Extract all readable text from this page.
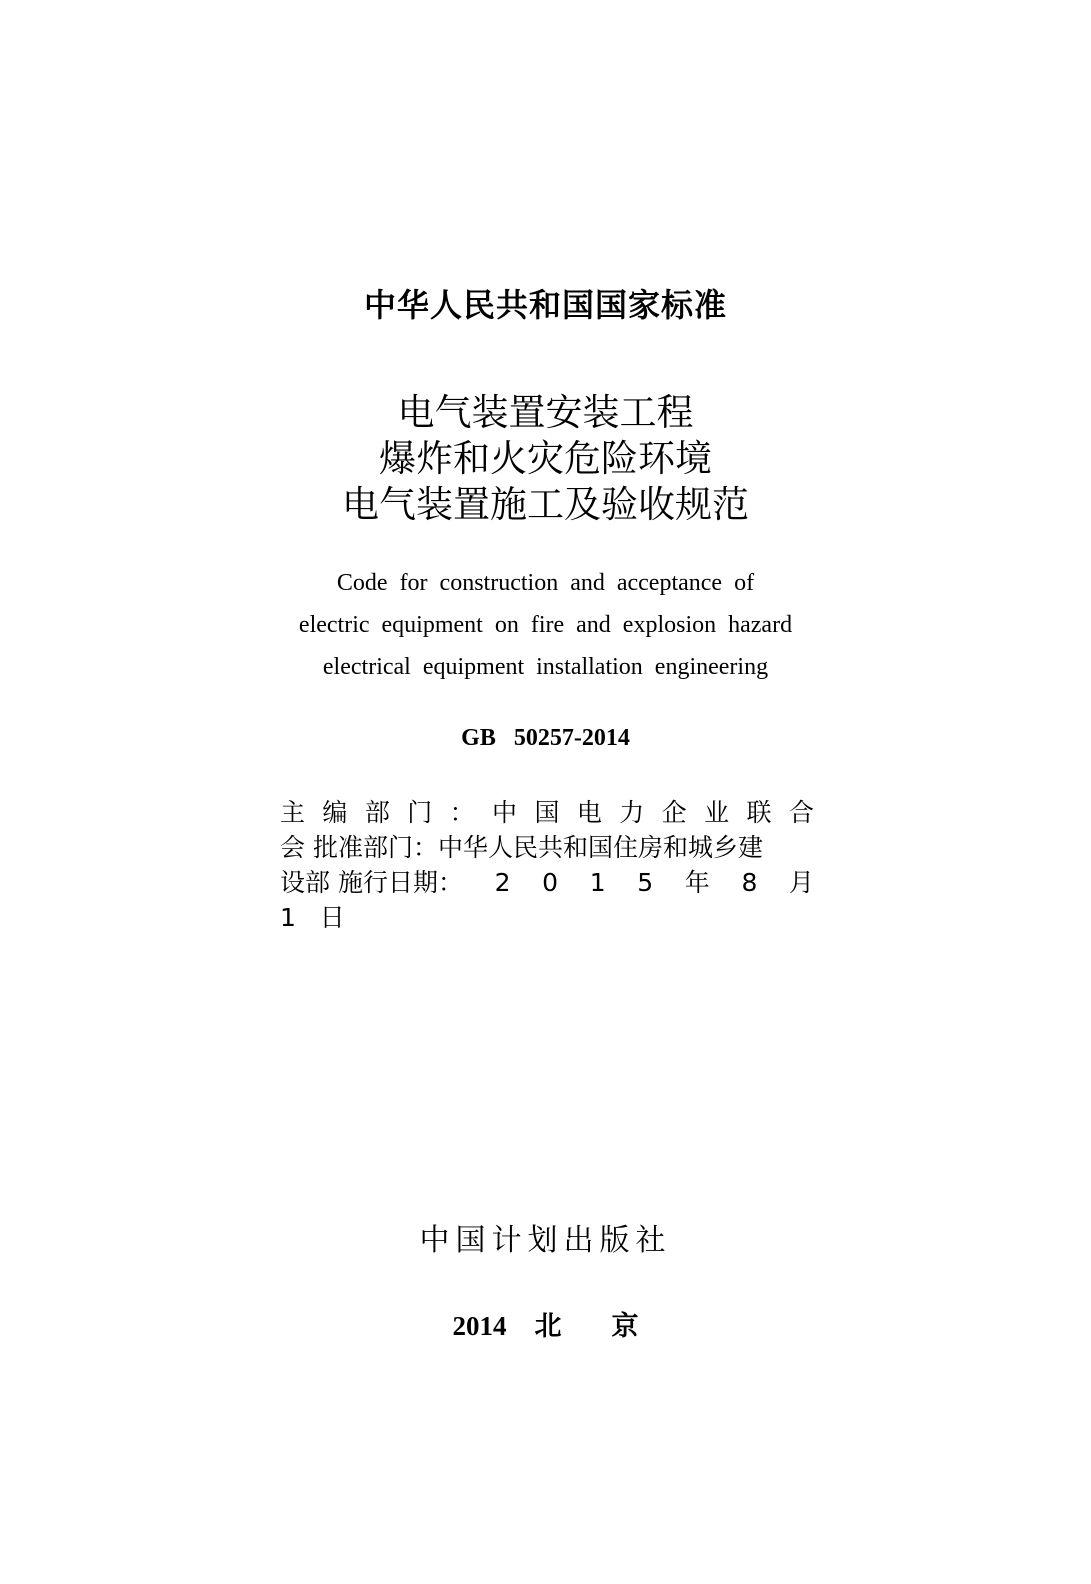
中华人民共和国国家标准
电气装置安装工程
爆炸和火灾危险环境
电气装置施工及验收规范
Code for construction and acceptance of
electric equipment on fire and explosion hazard
electrical equipment installation engineering
GB 50257-2014
主 编 部 门 ： 中 国 电 力 企 业 联 合
会 批准部门：中华人民共和国住房和城乡建
设部 施行日期： 2 0 1 5 年 8 月
1   日
中国计划出版社
2014 北 京
